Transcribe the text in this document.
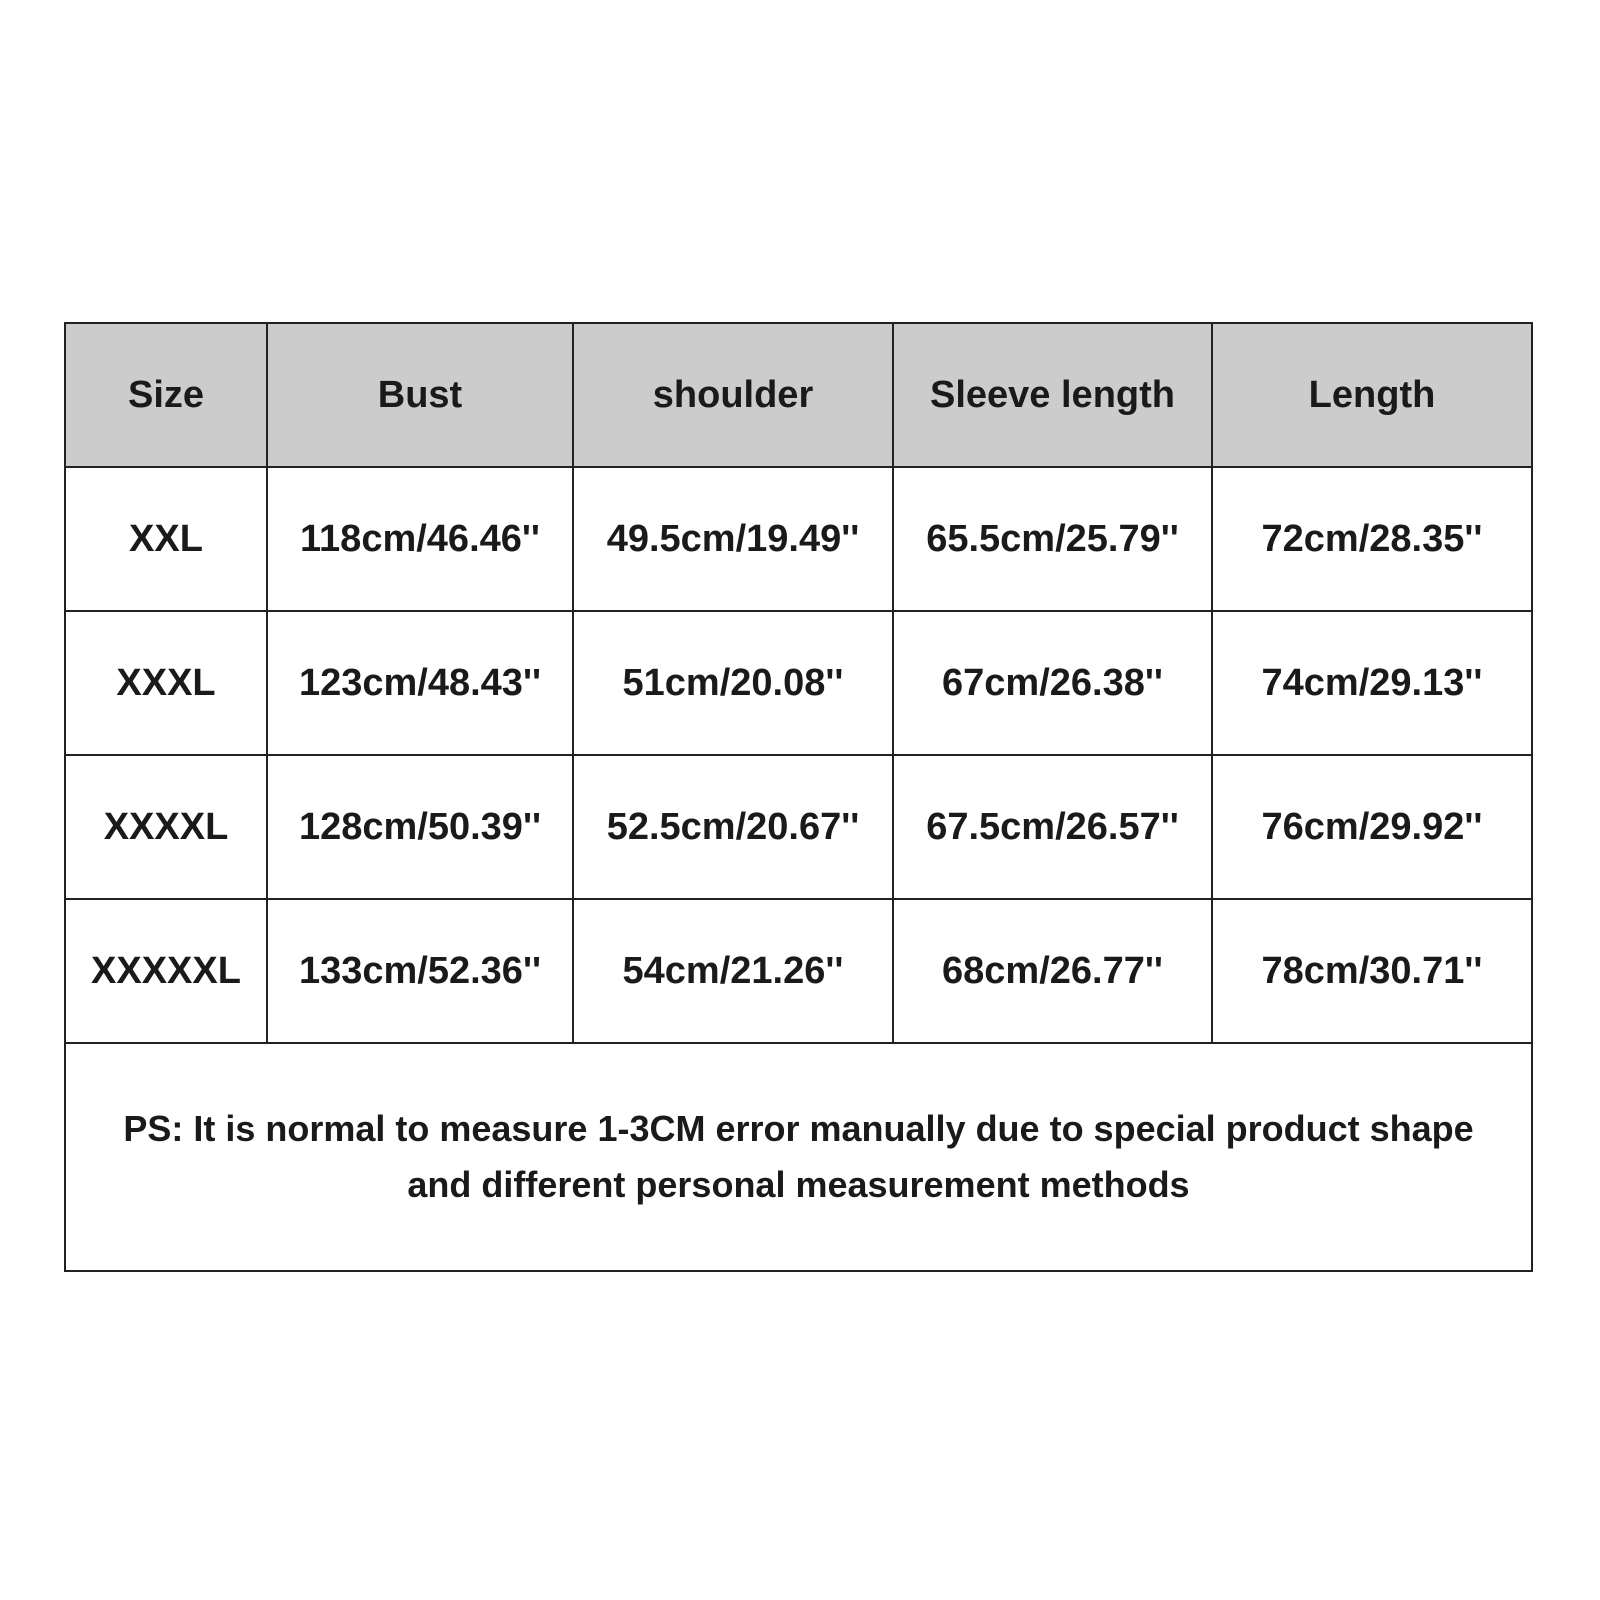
Size	Bust	shoulder	Sleeve length	Length
XXL	118cm/46.46''	49.5cm/19.49''	65.5cm/25.79''	72cm/28.35''
XXXL	123cm/48.43''	51cm/20.08''	67cm/26.38''	74cm/29.13''
XXXXL	128cm/50.39''	52.5cm/20.67''	67.5cm/26.57''	76cm/29.92''
XXXXXL	133cm/52.36''	54cm/21.26''	68cm/26.77''	78cm/30.71''
PS: It is normal to measure 1-3CM error manually due to special product shape and different personal measurement methods				
